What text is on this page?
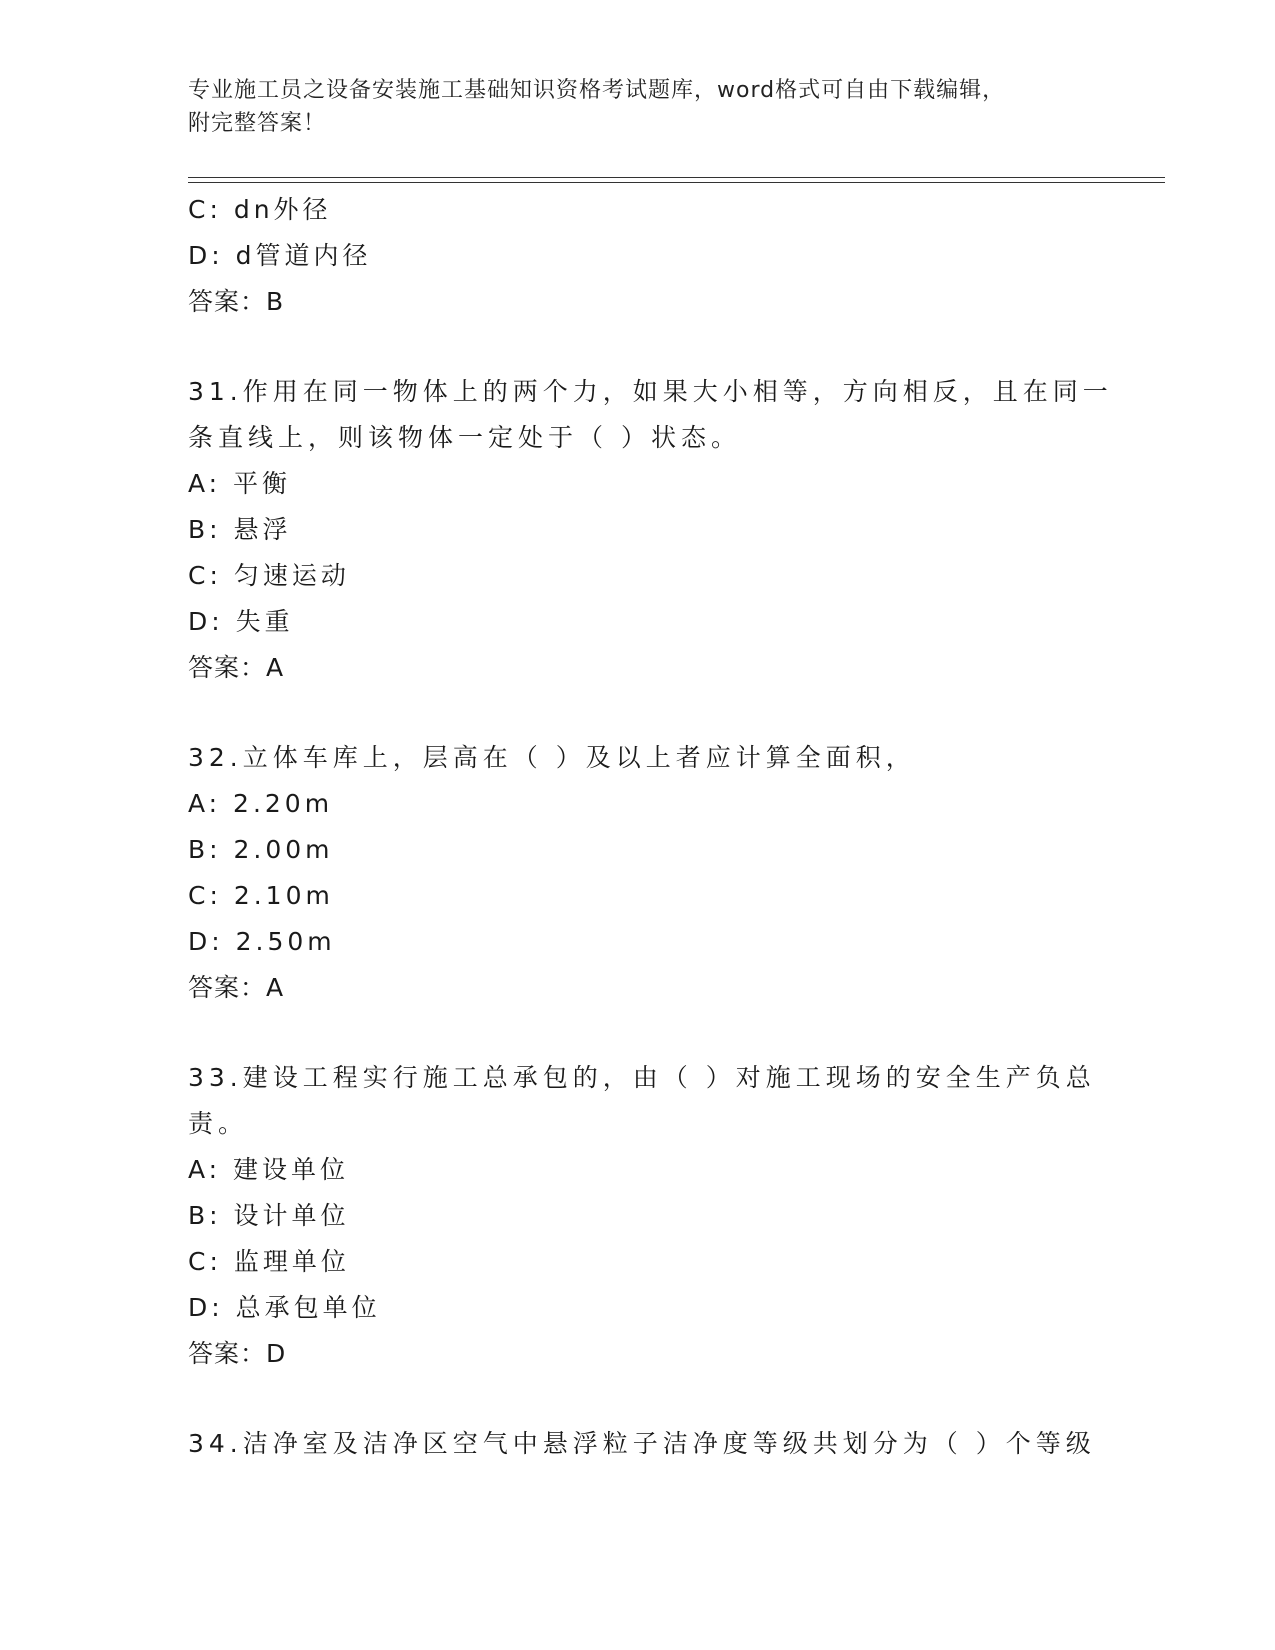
专业施工员之设备安装施工基础知识资格考试题库，word格式可自由下载编辑，
附完整答案！
C: dn外径
D: d管道内径
答案：B
31.作用在同一物体上的两个力，如果大小相等，方向相反，且在同一
条直线上，则该物体一定处于（ ）状态。
A: 平衡
B: 悬浮
C: 匀速运动
D: 失重
答案：A
32.立体车库上，层高在（ ）及以上者应计算全面积，
A: 2.20m
B: 2.00m
C: 2.10m
D: 2.50m
答案：A
33.建设工程实行施工总承包的，由（ ）对施工现场的安全生产负总
责。
A: 建设单位
B: 设计单位
C: 监理单位
D: 总承包单位
答案：D
34.洁净室及洁净区空气中悬浮粒子洁净度等级共划分为（ ）个等级
